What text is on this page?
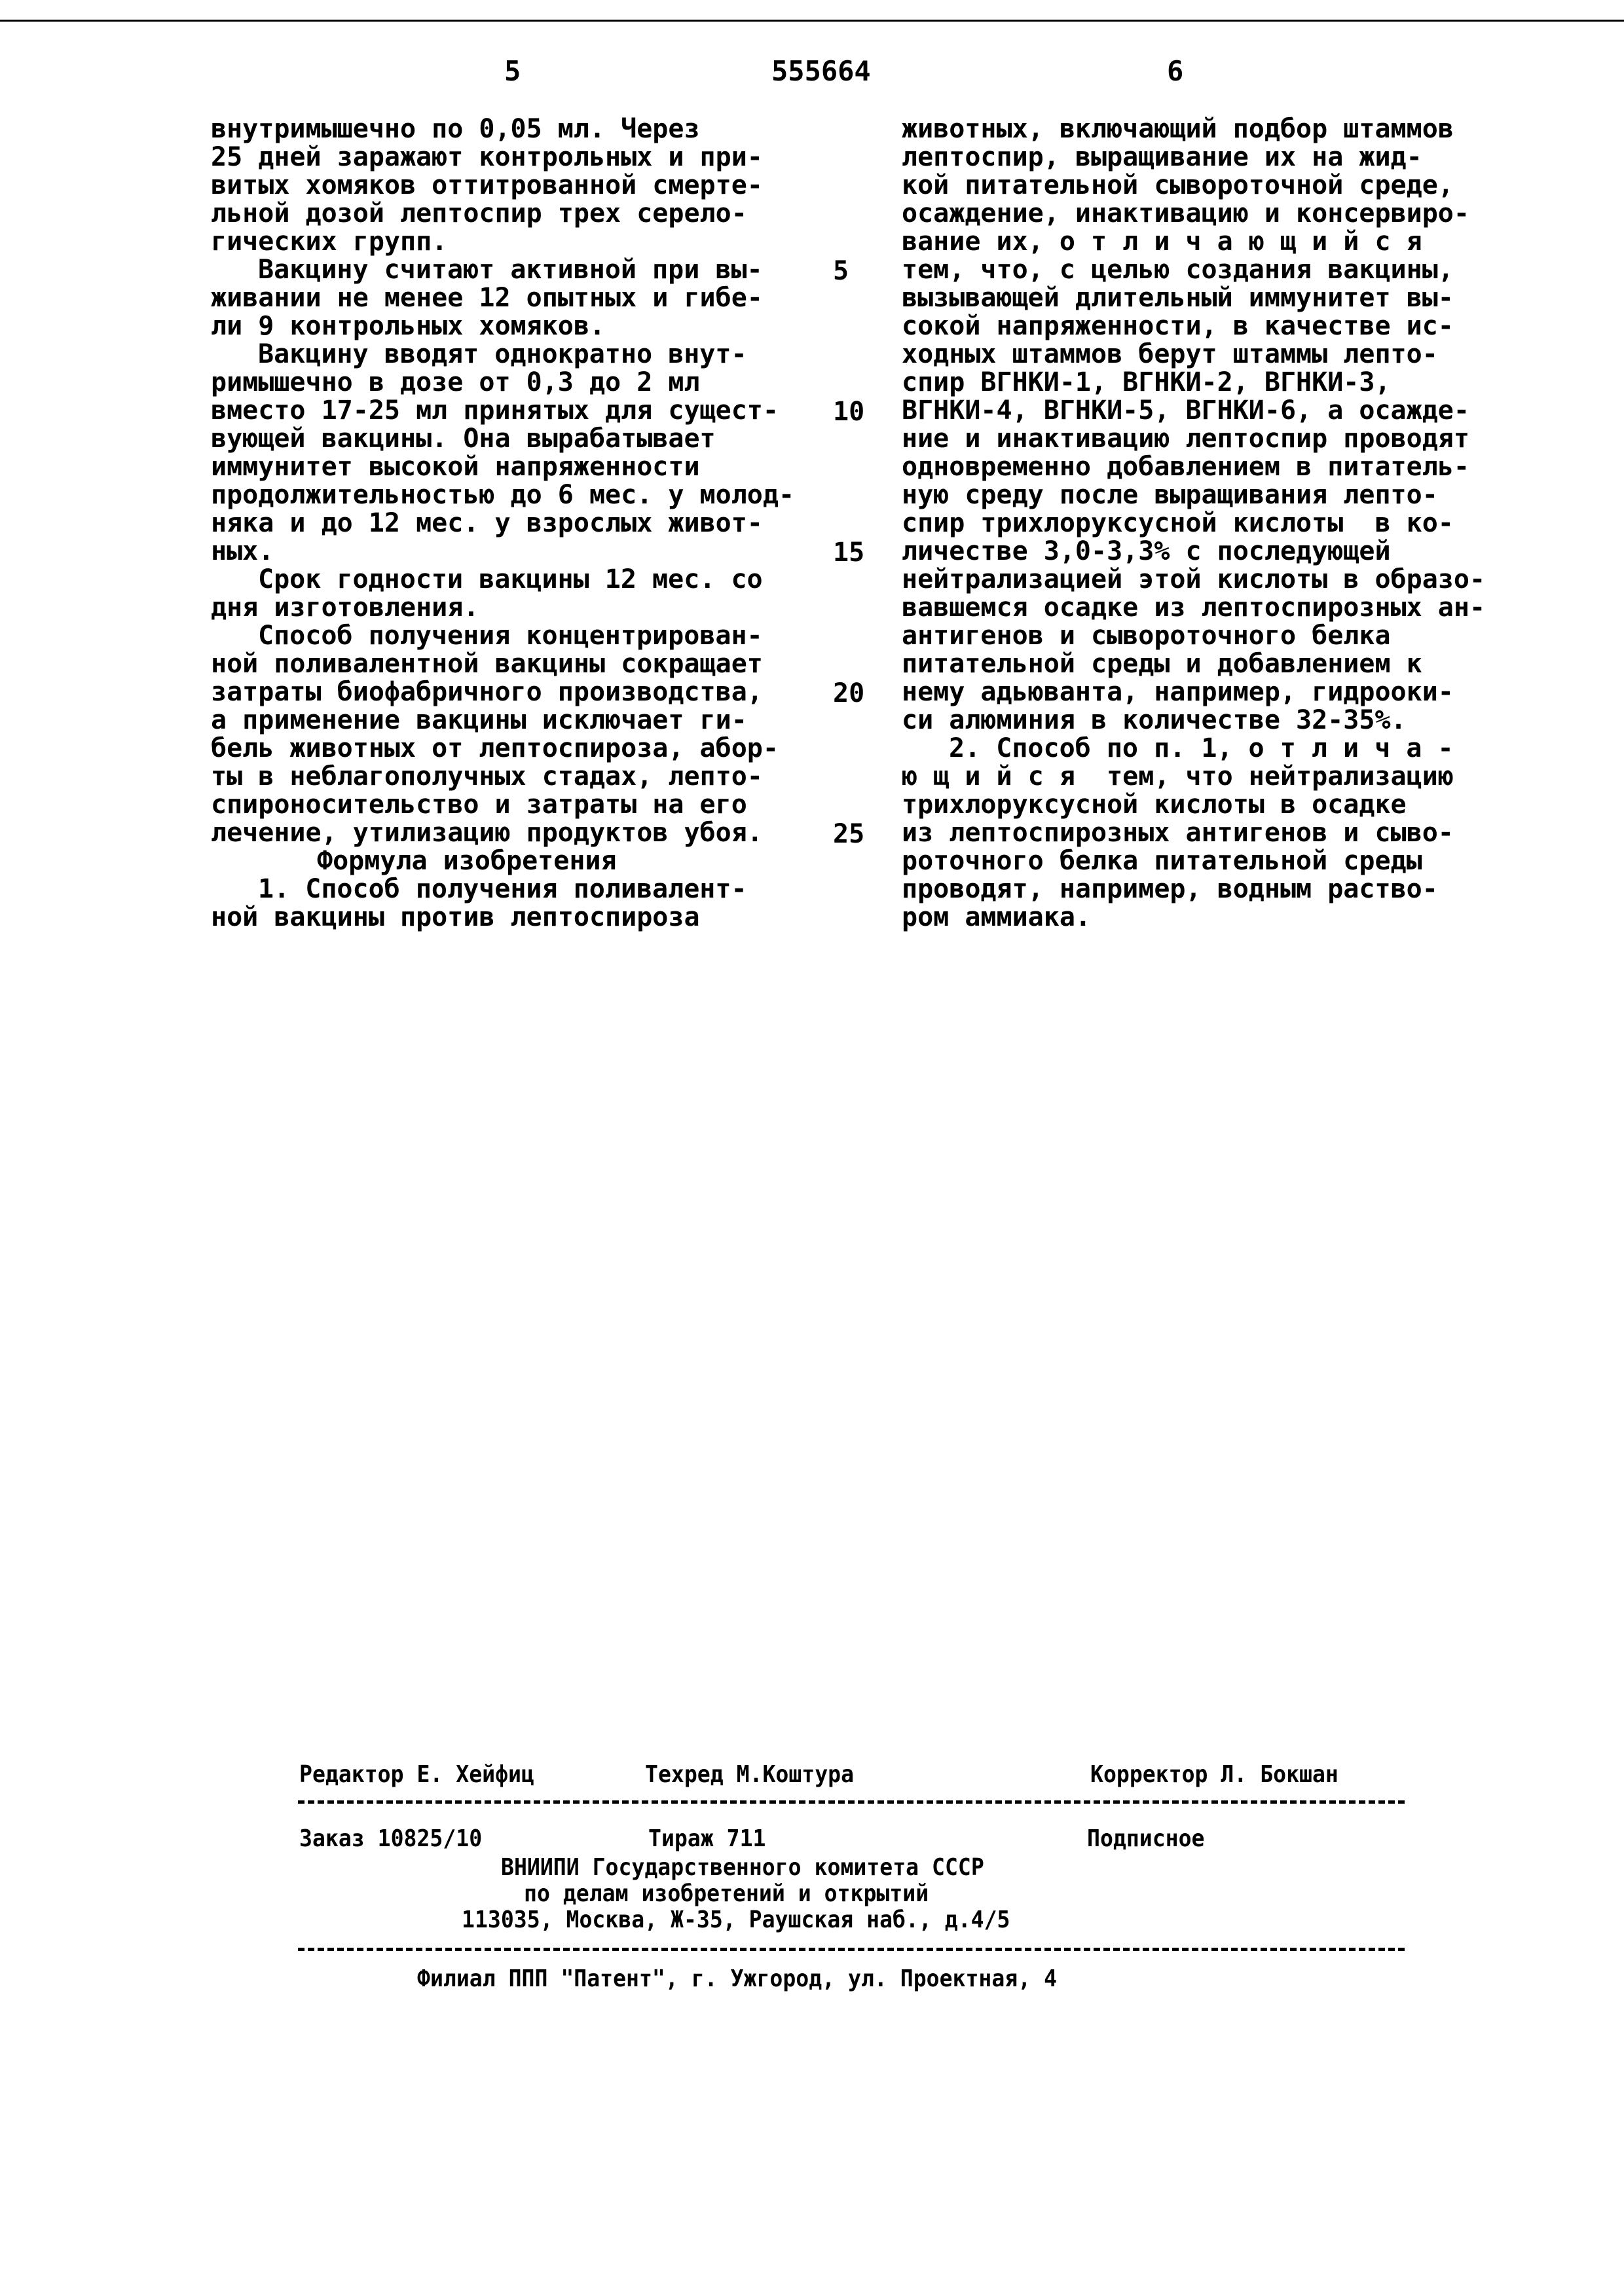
5	555664	6
внутримышечно по 0,05 мл. Через
25 дней заражают контрольных и при-
витых хомяков оттитрованной смерте-
льной дозой лептоспир трех серело-
гических групп.
Вакцину считают активной при вы-
живании не менее 12 опытных и гибе-
ли 9 контрольных хомяков.
Вакцину вводят однократно внут-
римышечно в дозе от 0,3 до 2 мл
вместо 17-25 мл принятых для сущест-
вующей вакцины. Она вырабатывает
иммунитет высокой напряженности
продолжительностью до 6 мес. у молод-
няка и до 12 мес. у взрослых живот-
ных.
Срок годности вакцины 12 мес. со
дня изготовления.
Способ получения концентрирован-
ной поливалентной вакцины сокращает
затраты биофабричного производства,
а применение вакцины исключает ги-
бель животных от лептоспироза, абор-
ты в неблагополучных стадах, лепто-
спироносительство и затраты на его
лечение, утилизацию продуктов убоя.
Формула изобретения
1. Способ получения поливалент-
ной вакцины против лептоспироза
животных, включающий подбор штаммов
лептоспир, выращивание их на жид-
кой питательной сывороточной среде,
осаждение, инактивацию и консервиро-
вание их, о т л и ч а ю щ и й с я
тем, что, с целью создания вакцины,
вызывающей длительный иммунитет вы-
сокой напряженности, в качестве ис-
ходных штаммов берут штаммы лепто-
спир ВГНКИ-1, ВГНКИ-2, ВГНКИ-3,
ВГНКИ-4, ВГНКИ-5, ВГНКИ-6, а осажде-
ние и инактивацию лептоспир проводят
одновременно добавлением в питатель-
ную среду после выращивания лепто-
спир трихлоруксусной кислоты  в ко-
личестве 3,0-3,3% с последующей
нейтрализацией этой кислоты в образо-
вавшемся осадке из лептоспирозных ан-
антигенов и сывороточного белка
питательной среды и добавлением к
нему адьюванта, например, гидрооки-
си алюминия в количестве 32-35%.
2. Способ по п. 1, о т л и ч а -
ю щ и й с я  тем, что нейтрализацию
трихлоруксусной кислоты в осадке
из лептоспирозных антигенов и сыво-
роточного белка питательной среды
проводят, например, водным раство-
ром аммиака.
5
10
15
20
25
Редактор Е. Хейфиц	Техред М.Коштура	Корректор Л. Бокшан
Заказ 10825/10	Тираж 711	Подписное
ВНИИПИ Государственного комитета СССР
по делам изобретений и открытий
113035, Москва, Ж-35, Раушская наб., д.4/5
Филиал ППП "Патент", г. Ужгород, ул. Проектная, 4
